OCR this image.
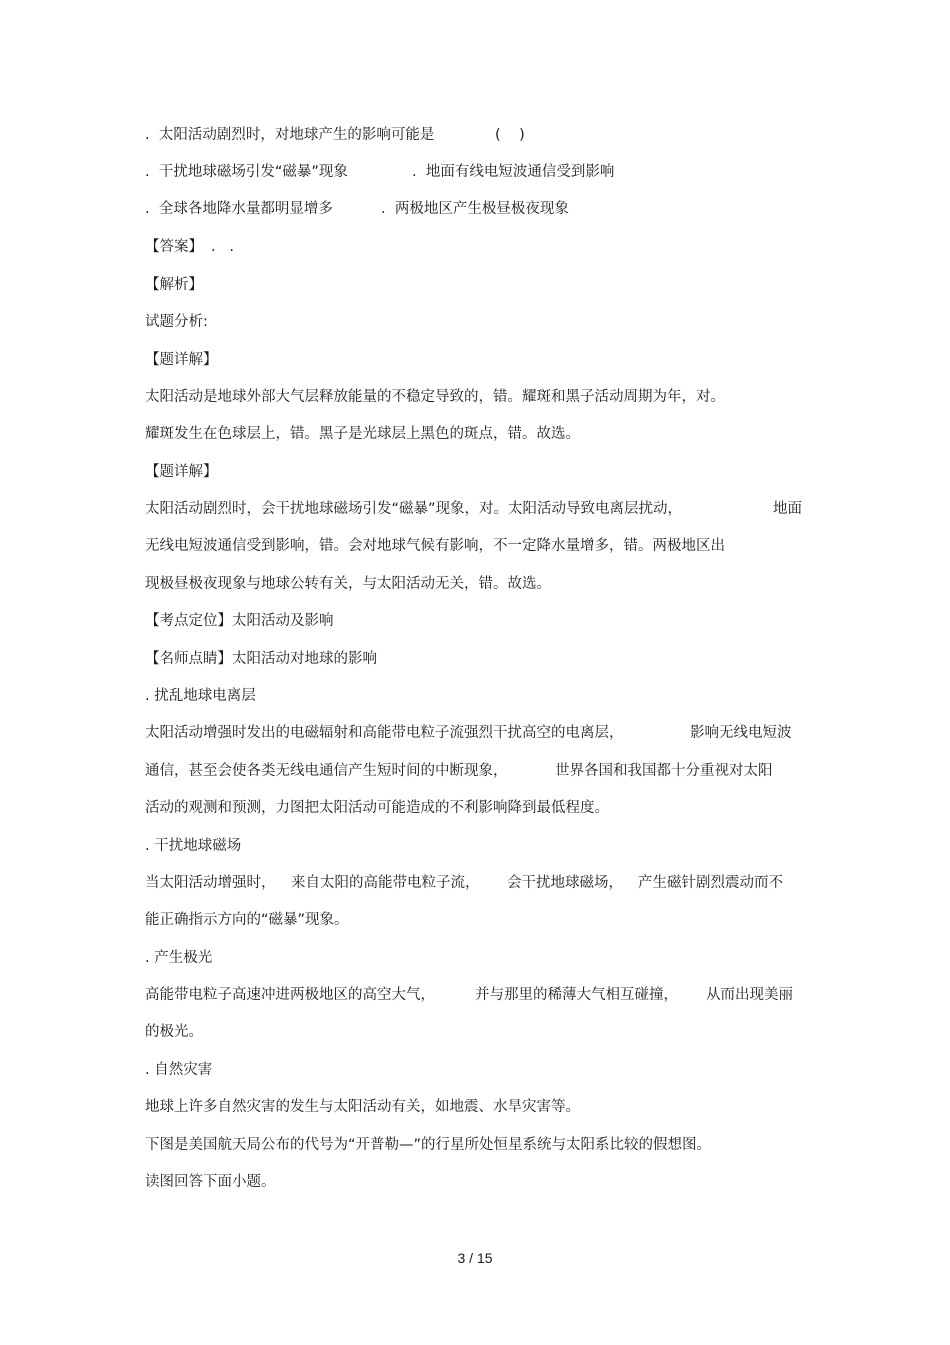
.  太阳活动剧烈时，对地球产生的影响可能是

	(    )

.  干扰地球磁场引发“磁暴”现象

	.  地面有线电短波通信受到影响

.  全球各地降水量都明显增多

	.  两极地区产生极昼极夜现象

【答案】

.   .

【解析】
试题分析:
【题详解】
太阳活动是地球外部大气层释放能量的不稳定导致的，错。耀斑和黑子活动周期为年，对。
耀斑发生在色球层上，错。黑子是光球层上黑色的斑点，错。故选。
【题详解】

太阳活动剧烈时，会干扰地球磁场引发“磁暴”现象，对。太阳活动导致电离层扰动，

	地面

无线电短波通信受到影响，错。会对地球气候有影响，不一定降水量增多，错。两极地区出
现极昼极夜现象与地球公转有关，与太阳活动无关，错。故选。
【考点定位】太阳活动及影响
【名师点睛】太阳活动对地球的影响
. 扰乱地球电离层

太阳活动增强时发出的电磁辐射和高能带电粒子流强烈干扰高空的电离层，

	影响无线电短波

通信，甚至会使各类无线电通信产生短时间的中断现象，

	世界各国和我国都十分重视对太阳

活动的观测和预测，力图把太阳活动可能造成的不利影响降到最低程度。
. 干扰地球磁场

当太阳活动增强时，

来自太阳的高能带电粒子流，

会干扰地球磁场，

产生磁针剧烈震动而不

能正确指示方向的“磁暴”现象。
. 产生极光

高能带电粒子高速冲进两极地区的高空大气，

	并与那里的稀薄大气相互碰撞，

从而出现美丽

的极光。
. 自然灾害
地球上许多自然灾害的发生与太阳活动有关，如地震、水旱灾害等。
下图是美国航天局公布的代号为“开普勒—”的行星所处恒星系统与太阳系比较的假想图。
读图回答下面小题。
3 / 15
